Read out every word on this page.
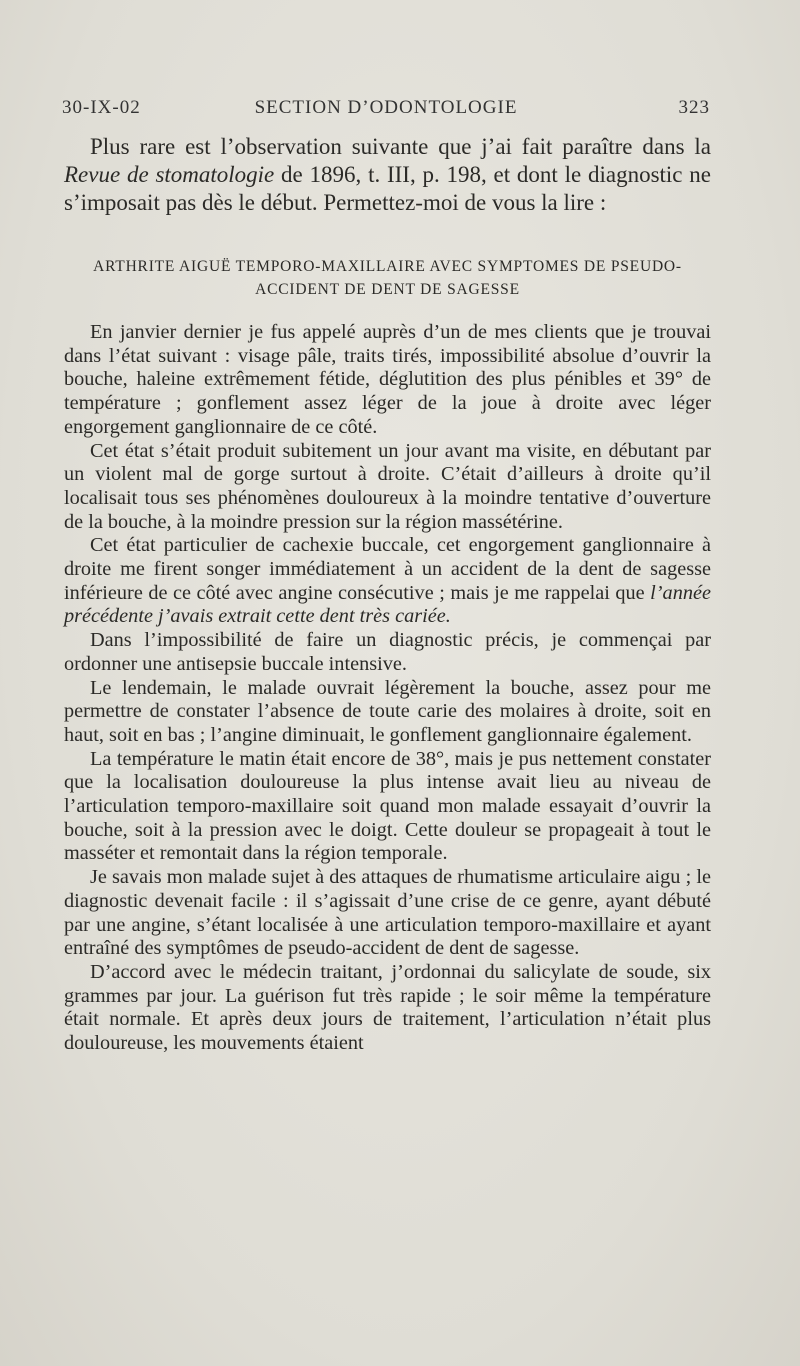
30-IX-02	SECTION D’ODONTOLOGIE	323

Plus rare est l’observation suivante que j’ai fait paraître dans la Revue de stomatologie de 1896, t. III, p. 198, et dont le diagnostic ne s’imposait pas dès le début. Permettez-moi de vous la lire :

ARTHRITE AIGUË TEMPORO-MAXILLAIRE AVEC SYMPTOMES DE PSEUDO-
ACCIDENT DE DENT DE SAGESSE

En janvier dernier je fus appelé auprès d’un de mes clients que je trouvai dans l’état suivant : visage pâle, traits tirés, impossibilité absolue d’ouvrir la bouche, haleine extrêmement fétide, déglutition des plus pénibles et 39° de température ; gonflement assez léger de la joue à droite avec léger engorgement ganglionnaire de ce côté.

Cet état s’était produit subitement un jour avant ma visite, en débutant par un violent mal de gorge surtout à droite. C’était d’ailleurs à droite qu’il localisait tous ses phénomènes douloureux à la moindre tentative d’ouverture de la bouche, à la moindre pression sur la région massétérine.

Cet état particulier de cachexie buccale, cet engorgement ganglionnaire à droite me firent songer immédiatement à un accident de la dent de sagesse inférieure de ce côté avec angine consécutive ; mais je me rappelai que l’année précédente j’avais extrait cette dent très cariée.

Dans l’impossibilité de faire un diagnostic précis, je commençai par ordonner une antisepsie buccale intensive.

Le lendemain, le malade ouvrait légèrement la bouche, assez pour me permettre de constater l’absence de toute carie des molaires à droite, soit en haut, soit en bas ; l’angine diminuait, le gonflement ganglionnaire également.

La température le matin était encore de 38°, mais je pus nettement constater que la localisation douloureuse la plus intense avait lieu au niveau de l’articulation temporo-maxillaire soit quand mon malade essayait d’ouvrir la bouche, soit à la pression avec le doigt. Cette douleur se propageait à tout le masséter et remontait dans la région temporale.

Je savais mon malade sujet à des attaques de rhumatisme articulaire aigu ; le diagnostic devenait facile : il s’agissait d’une crise de ce genre, ayant débuté par une angine, s’étant localisée à une articulation temporo-maxillaire et ayant entraîné des symptômes de pseudo-accident de dent de sagesse.

D’accord avec le médecin traitant, j’ordonnai du salicylate de soude, six grammes par jour. La guérison fut très rapide ; le soir même la température était normale. Et après deux jours de traitement, l’articulation n’était plus douloureuse, les mouvements étaient
